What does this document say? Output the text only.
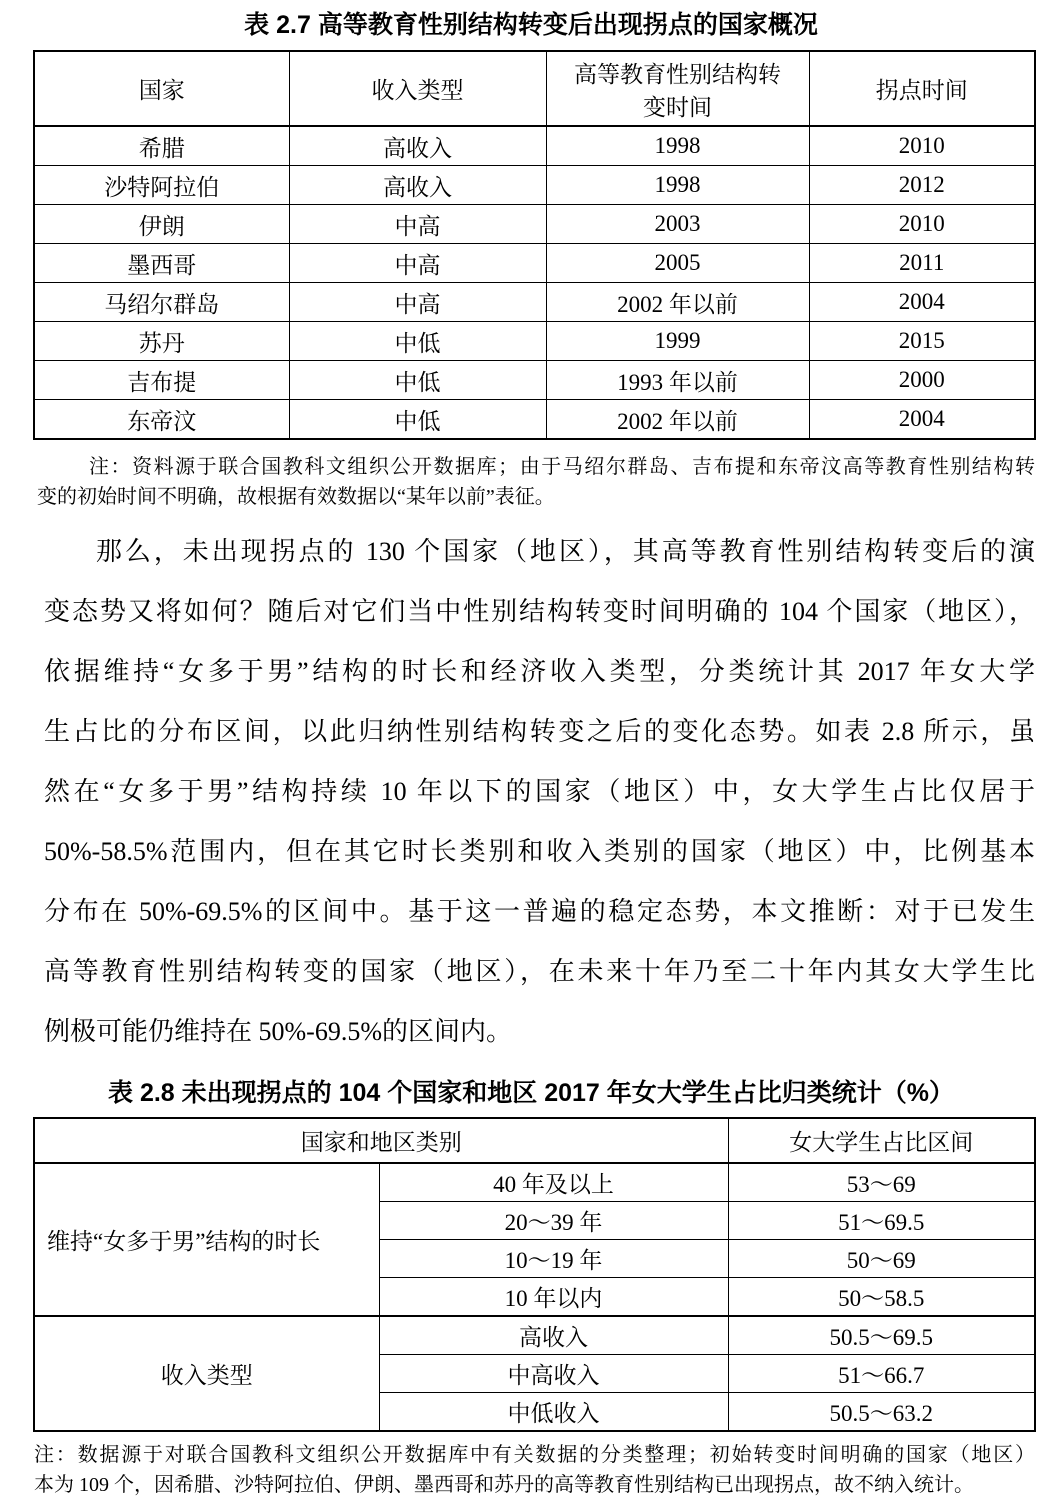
表 2.7 高等教育性别结构转变后出现拐点的国家概况
国家	收入类型	高等教育性别结构转变时间	拐点时间
希腊	高收入	1998	2010
沙特阿拉伯	高收入	1998	2012
伊朗	中高	2003	2010
墨西哥	中高	2005	2011
马绍尔群岛	中高	2002 年以前	2004
苏丹	中低	1999	2015
吉布提	中低	1993 年以前	2000
东帝汶	中低	2002 年以前	2004
注：资料源于联合国教科文组织公开数据库；由于马绍尔群岛、吉布提和东帝汶高等教育性别结构转
变的初始时间不明确，故根据有效数据以“某年以前”表征。
那么，未出现拐点的 130 个国家（地区），其高等教育性别结构转变后的演
变态势又将如何？随后对它们当中性别结构转变时间明确的 104 个国家（地区），
依据维持“女多于男”结构的时长和经济收入类型，分类统计其 2017 年女大学
生占比的分布区间，以此归纳性别结构转变之后的变化态势。如表 2.8 所示，虽
然在“女多于男”结构持续 10 年以下的国家（地区）中，女大学生占比仅居于
50%-58.5%范围内，但在其它时长类别和收入类别的国家（地区）中，比例基本
分布在 50%-69.5%的区间中。基于这一普遍的稳定态势，本文推断：对于已发生
高等教育性别结构转变的国家（地区），在未来十年乃至二十年内其女大学生比
例极可能仍维持在 50%-69.5%的区间内。
表 2.8 未出现拐点的 104 个国家和地区 2017 年女大学生占比归类统计（%）
国家和地区类别		女大学生占比区间
维持“女多于男”结构的时长	40 年及以上	53～69
	20～39 年	51～69.5
	10～19 年	50～69
	10 年以内	50～58.5
收入类型	高收入	50.5～69.5
	中高收入	51～66.7
	中低收入	50.5～63.2
注：数据源于对联合国教科文组织公开数据库中有关数据的分类整理；初始转变时间明确的国家（地区）
本为 109 个，因希腊、沙特阿拉伯、伊朗、墨西哥和苏丹的高等教育性别结构已出现拐点，故不纳入统计。
